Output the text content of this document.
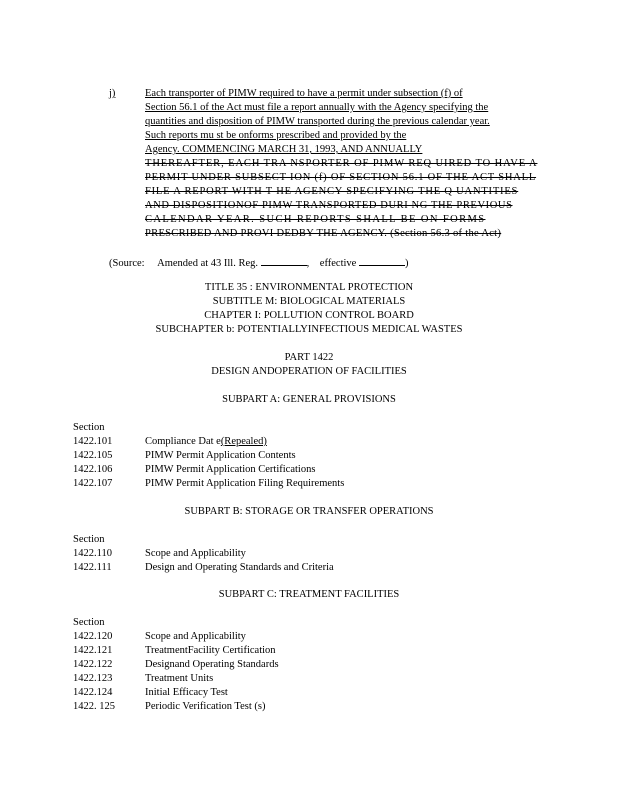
j)	Each transporter of PIMW required to have a permit under subsection (f) of
Section 56.1 of the Act must file a report annually with the Agency specifying the
quantities and disposition of PIMW transported during the previous calendar year.
Such reports mu st be onforms prescribed and provided by the
Agency. COMMENCING MARCH 31, 1993, AND ANNUALLY
THEREAFTER, EACH TRA NSPORTER OF PIMW REQ UIRED TO HAVE A
PERMIT UNDER SUBSECT ION (f) OF SECTION 56.1 OF THE ACT SHALL
FILE A REPORT WITH T HE AGENCY SPECIFYING THE Q UANTITIES
AND DISPOSITIONOF PIMW TRANSPORTED DURI NG THE PREVIOUS
CALENDAR YEAR. SUCH REPORTS SHALL BE ON FORMS
PRESCRIBED AND PROVI DEDBY THE AGENCY. (Section 56.3 of the Act)
(Source: Amended at 43 Ill. Reg.	,    effective	)
TITLE 35 : ENVIRONMENTAL PROTECTION
SUBTITLE M: BIOLOGICAL MATERIALS
CHAPTER I: POLLUTION CONTROL BOARD
SUBCHAPTER b: POTENTIALLYINFECTIOUS MEDICAL WASTES
PART 1422
DESIGN ANDOPERATION OF FACILITIES
SUBPART A: GENERAL PROVISIONS
Section
1422.101	Compliance Dat e(Repealed)
1422.105	PIMW Permit Application Contents
1422.106	PIMW Permit Application Certifications
1422.107	PIMW Permit Application Filing Requirements
SUBPART B: STORAGE OR TRANSFER OPERATIONS
Section
1422.110	Scope and Applicability
1422.111	Design and Operating Standards and Criteria
SUBPART C: TREATMENT FACILITIES
Section
1422.120	Scope and Applicability
1422.121	TreatmentFacility Certification
1422.122	Designand Operating Standards
1422.123	Treatment Units
1422.124	Initial Efficacy Test
1422. 125	Periodic Verification Test (s)
